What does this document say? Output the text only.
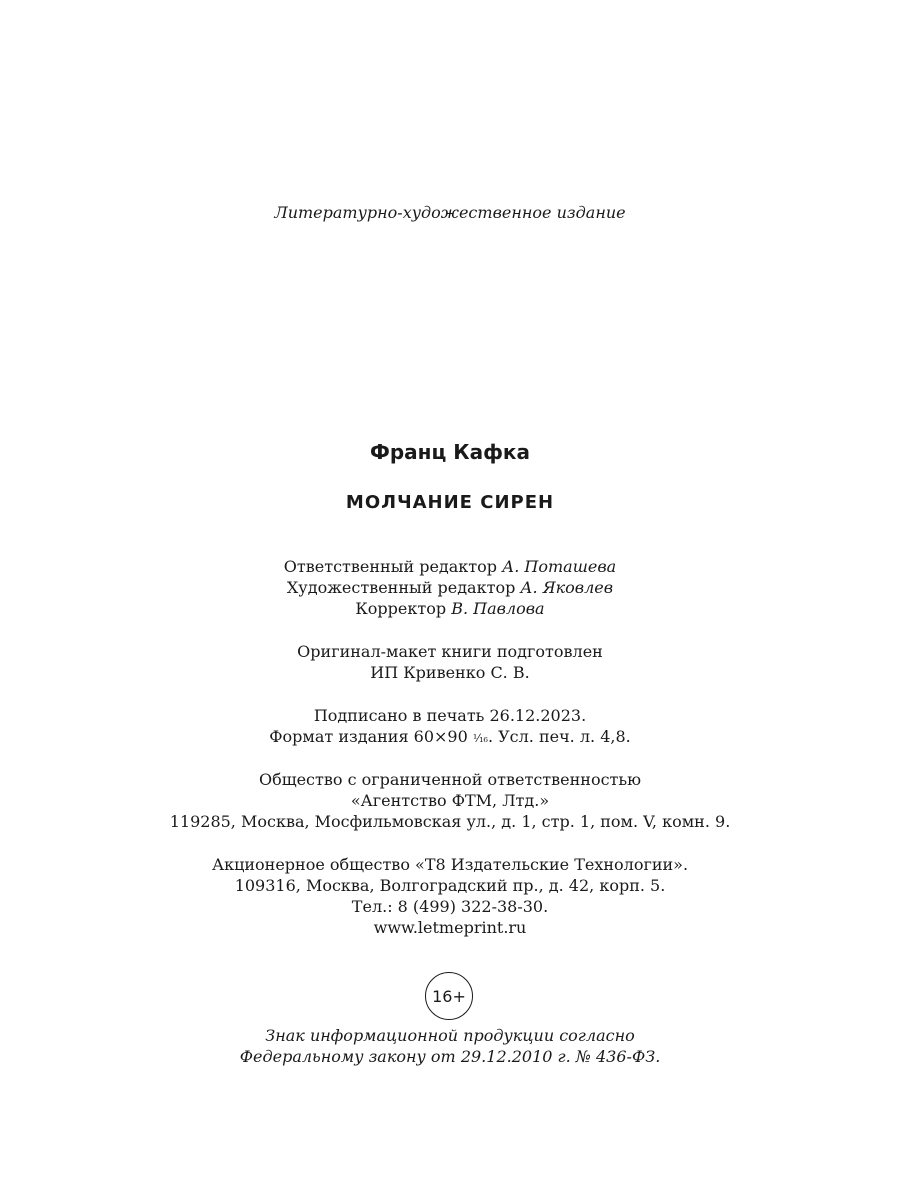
Литературно-художественное издание
Франц Кафка
МОЛЧАНИЕ СИРЕН
Ответственный редактор А. Поташева
Художественный редактор А. Яковлев
Корректор В. Павлова
Оригинал-макет книги подготовлен
ИП Кривенко С. В.
Подписано в печать 26.12.2023.
Формат издания 60×90 ¹⁄₁₆. Усл. печ. л. 4,8.
Общество с ограниченной ответственностью
«Агентство ФТМ, Лтд.»
119285, Москва, Мосфильмовская ул., д. 1, стр. 1, пом. V, комн. 9.
Акционерное общество «Т8 Издательские Технологии».
109316, Москва, Волгоградский пр., д. 42, корп. 5.
Тел.: 8 (499) 322-38-30.
www.letmeprint.ru
16+
Знак информационной продукции согласно
Федеральному закону от 29.12.2010 г. № 436-ФЗ.
